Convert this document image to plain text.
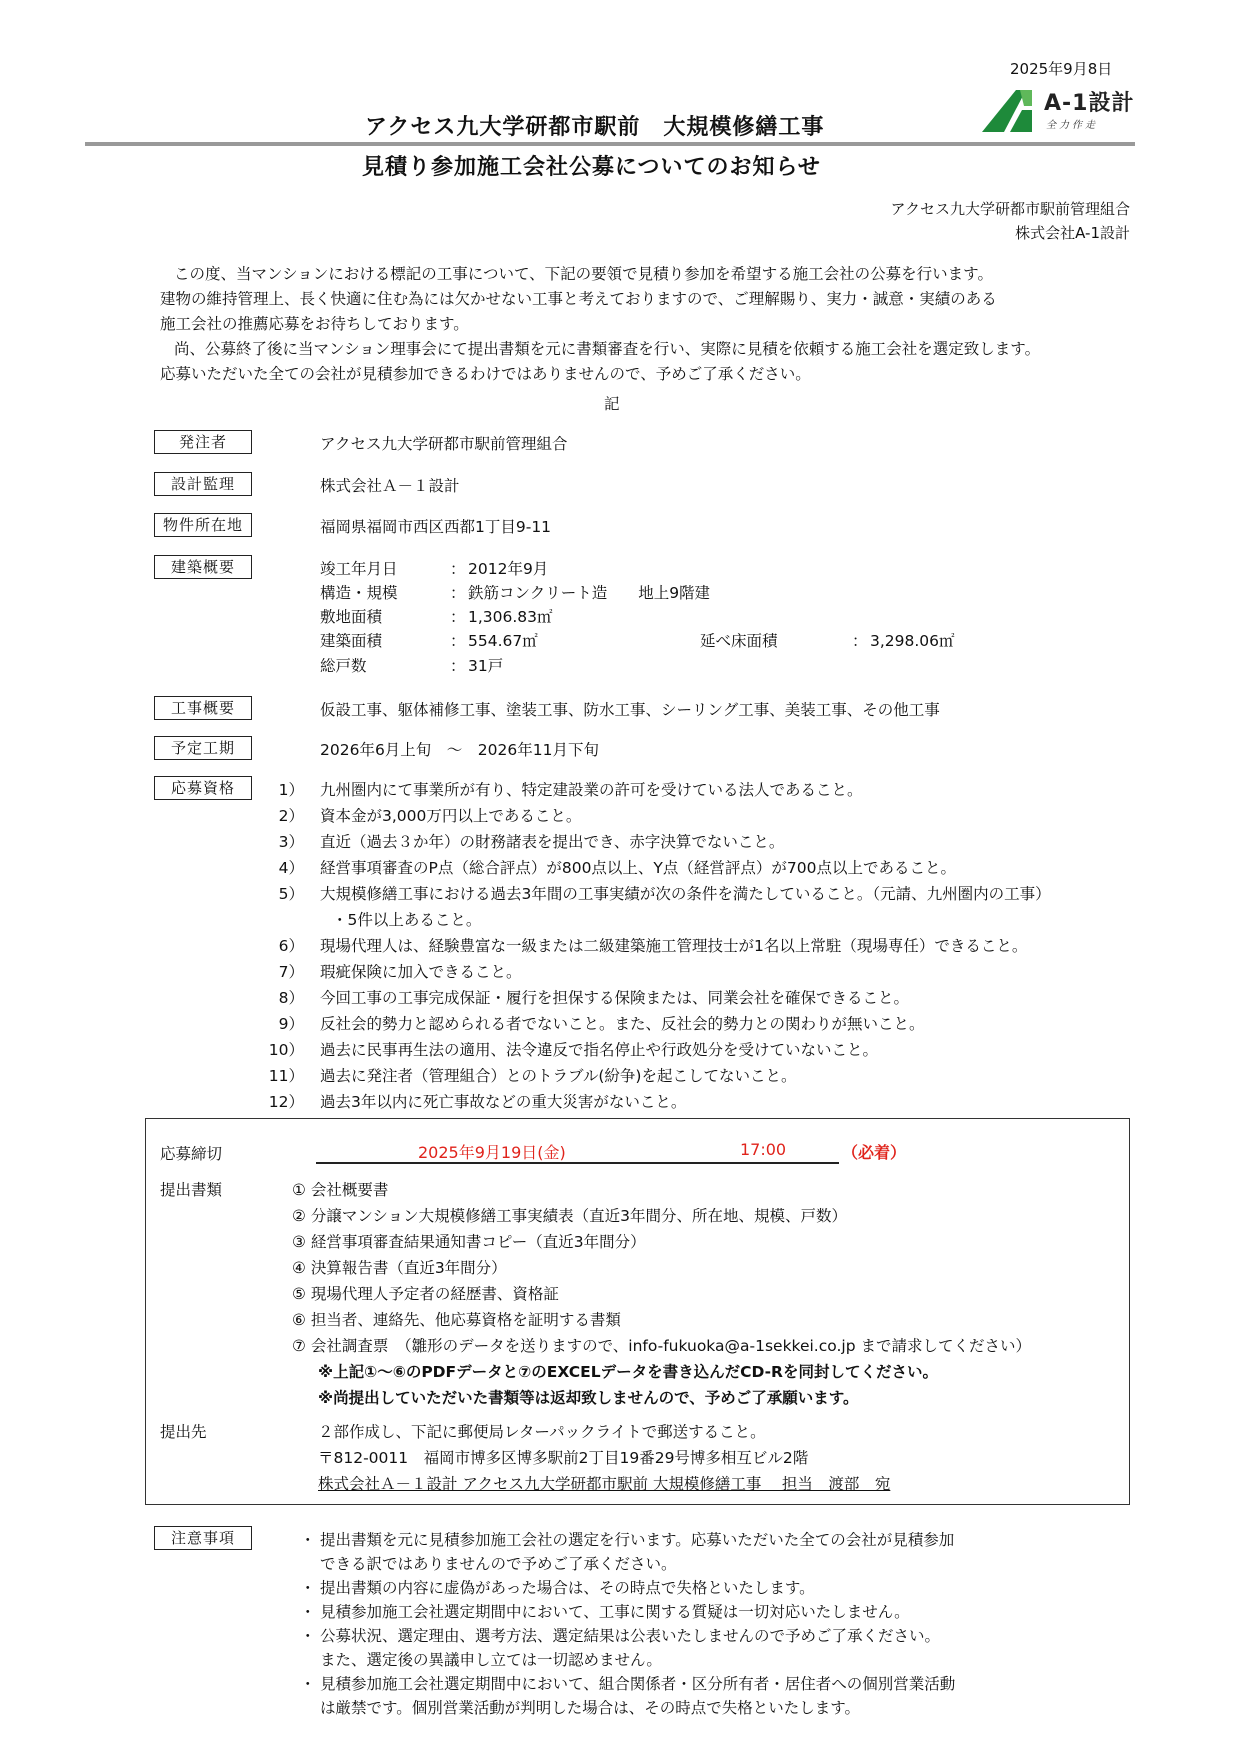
2025年9月8日
A-1設計
全力作走
アクセス九大学研都市駅前　大規模修繕工事
見積り参加施工会社公募についてのお知らせ
アクセス九大学研都市駅前管理組合
株式会社A-1設計
この度、当マンションにおける標記の工事について、下記の要領で見積り参加を希望する施工会社の公募を行います。
建物の維持管理上、長く快適に住む為には欠かせない工事と考えておりますので、ご理解賜り、実力・誠意・実績のある
施工会社の推薦応募をお待ちしております。
尚、公募終了後に当マンション理事会にて提出書類を元に書類審査を行い、実際に見積を依頼する施工会社を選定致します。
応募いただいた全ての会社が見積参加できるわけではありませんので、予めご了承ください。
記
発注者	アクセス九大学研都市駅前管理組合
設計監理	株式会社Ａ－１設計
物件所在地	福岡県福岡市西区西都1丁目9-11
建築概要	竣工年月日	： 2012年9月
構造・規模	： 鉄筋コンクリート造　　地上9階建
敷地面積	： 1,306.83㎡
建築面積	： 554.67㎡	延べ床面積	： 3,298.06㎡
総戸数	： 31戸
工事概要	仮設工事、躯体補修工事、塗装工事、防水工事、シーリング工事、美装工事、その他工事
予定工期	2026年6月上旬　～　2026年11月下旬
応募資格	1） 九州圏内にて事業所が有り、特定建設業の許可を受けている法人であること。
2） 資本金が3,000万円以上であること。
3） 直近（過去３か年）の財務諸表を提出でき、赤字決算でないこと。
4） 経営事項審査のP点（総合評点）が800点以上、Y点（経営評点）が700点以上であること。
5） 大規模修繕工事における過去3年間の工事実績が次の条件を満たしていること。（元請、九州圏内の工事）
・5件以上あること。
6） 現場代理人は、経験豊富な一級または二級建築施工管理技士が1名以上常駐（現場専任）できること。
7） 瑕疵保険に加入できること。
8） 今回工事の工事完成保証・履行を担保する保険または、同業会社を確保できること。
9） 反社会的勢力と認められる者でないこと。また、反社会的勢力との関わりが無いこと。
10） 過去に民事再生法の適用、法令違反で指名停止や行政処分を受けていないこと。
11） 過去に発注者（管理組合）とのトラブル(紛争)を起こしてないこと。
12） 過去3年以内に死亡事故などの重大災害がないこと。
応募締切	2025年9月19日(金)	17:00	（必着）
提出書類	① 会社概要書
② 分譲マンション大規模修繕工事実績表（直近3年間分、所在地、規模、戸数）
③ 経営事項審査結果通知書コピー（直近3年間分）
④ 決算報告書（直近3年間分）
⑤ 現場代理人予定者の経歴書、資格証
⑥ 担当者、連絡先、他応募資格を証明する書類
⑦ 会社調査票　（雛形のデータを送りますので、info-fukuoka@a-1sekkei.co.jp まで請求してください）
※上記①～⑥のPDFデータと⑦のEXCELデータを書き込んだCD-Rを同封してください。
※尚提出していただいた書類等は返却致しませんので、予めご了承願います。
提出先	２部作成し、下記に郵便局レターパックライトで郵送すること。
〒812-0011　福岡市博多区博多駅前2丁目19番29号博多相互ビル2階
株式会社Ａ－１設計 アクセス九大学研都市駅前 大規模修繕工事　 担当　渡部　宛
注意事項	・ 提出書類を元に見積参加施工会社の選定を行います。応募いただいた全ての会社が見積参加
できる訳ではありませんので予めご了承ください。
・ 提出書類の内容に虚偽があった場合は、その時点で失格といたします。
・ 見積参加施工会社選定期間中において、工事に関する質疑は一切対応いたしません。
・ 公募状況、選定理由、選考方法、選定結果は公表いたしませんので予めご了承ください。
また、選定後の異議申し立ては一切認めません。
・ 見積参加施工会社選定期間中において、組合関係者・区分所有者・居住者への個別営業活動
は厳禁です。個別営業活動が判明した場合は、その時点で失格といたします。
